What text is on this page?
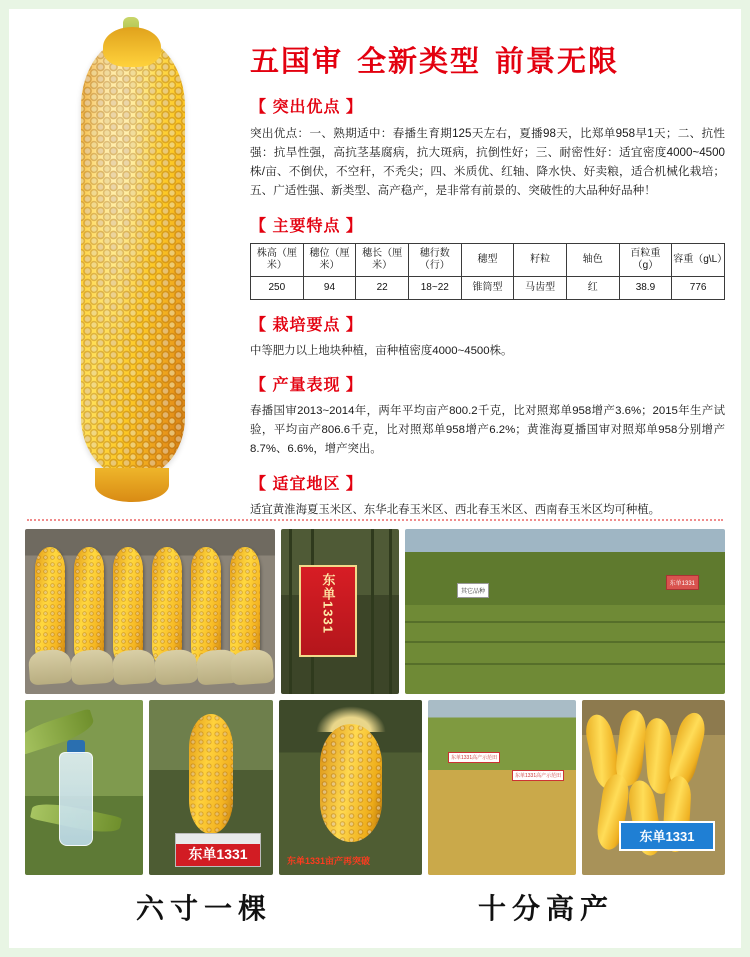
五国审 全新类型 前景无限
【 突出优点 】

突出优点：一、熟期适中：春播生育期125天左右，夏播98天，比郑单958早1天；二、抗性强：抗旱性强，高抗茎基腐病，抗大斑病，抗倒性好；三、耐密性好：适宜密度4000~4500株/亩、不倒伏，不空秆，不秃尖；四、米质优、红轴、降水快、好卖粮，适合机械化栽培；五、广适性强、新类型、高产稳产，是非常有前景的、突破性的大品种好品种！

【 主要特点 】
株高（厘米）	穗位（厘米）	穗长（厘米）	穗行数（行）	穗型	籽粒	轴色	百粒重（g）	容重（g\L）
250	94	22	18~22	锥筒型	马齿型	红	38.9	776
【 栽培要点 】

中等肥力以上地块种植，亩种植密度4000~4500株。

【 产量表现 】

春播国审2013~2014年，两年平均亩产800.2千克，比对照郑单958增产3.6%；2015年生产试验，平均亩产806.6千克，比对照郑单958增产6.2%；黄淮海夏播国审对照郑单958分别增产8.7%、6.6%，增产突出。

【 适宜地区 】

适宜黄淮海夏玉米区、东华北春玉米区、西北春玉米区、西南春玉米区均可种植。

东单1331	其它品种
东单1331
东单1331	东单1331亩产再突破
东单1331高产示范田
东单1331高产示范田
东单1331
六寸一棵	十分高产
